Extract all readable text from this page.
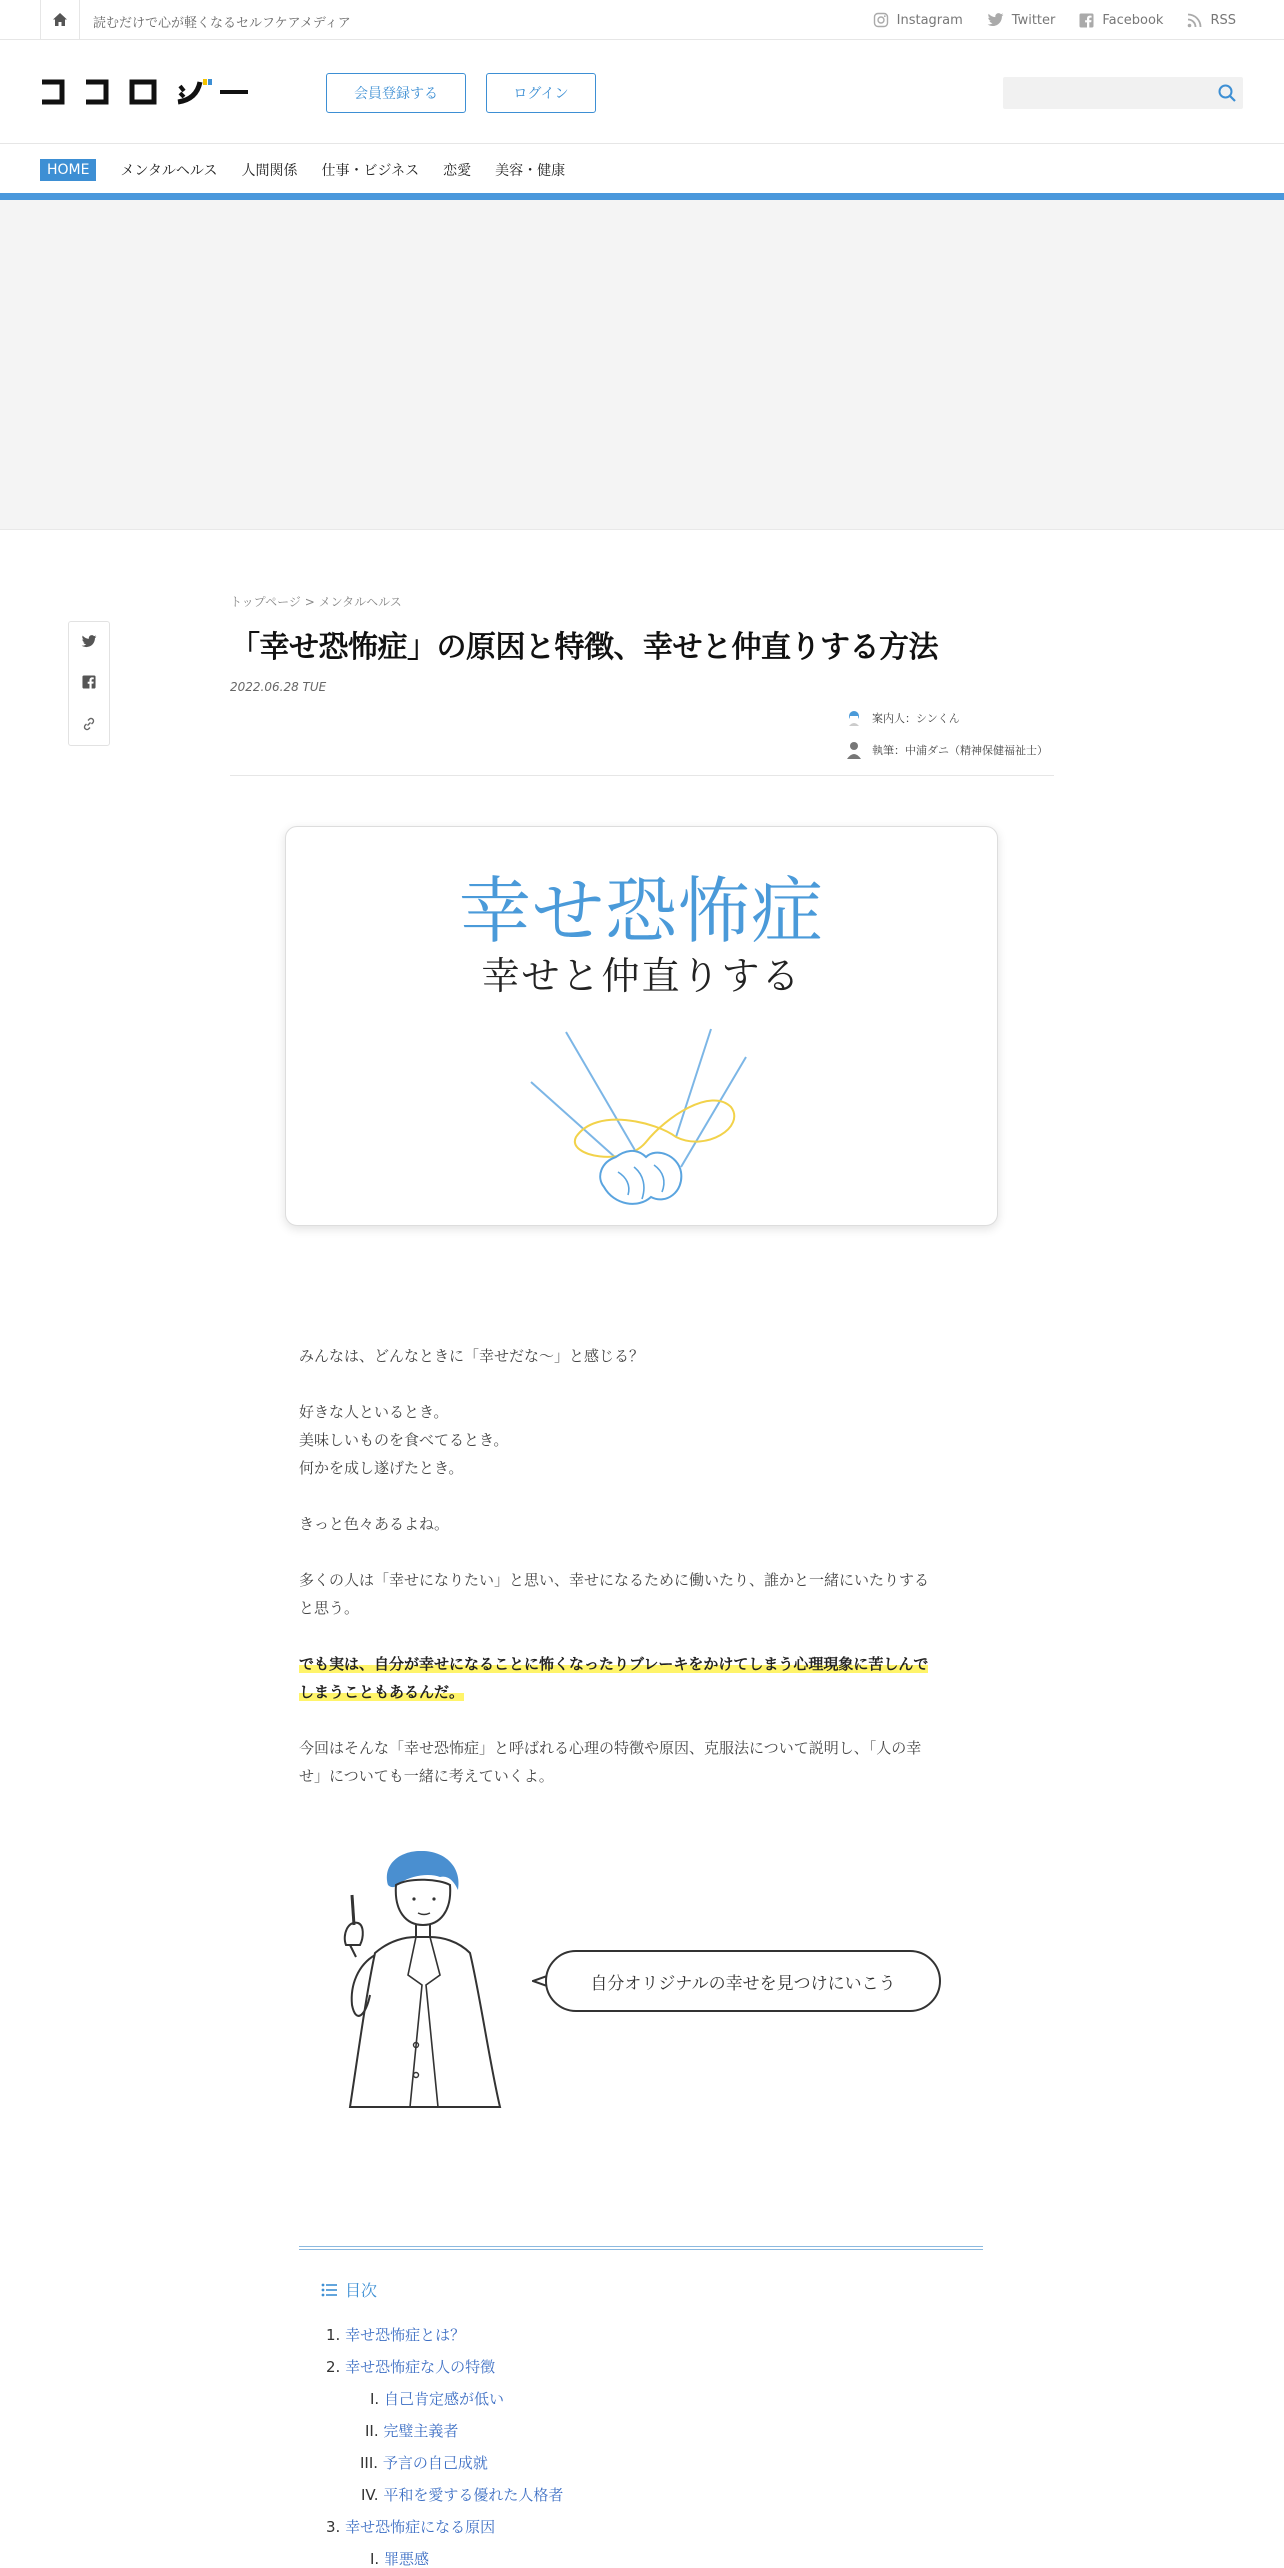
読むだけで心が軽くなるセルフケアメディア	Instagram	Twitter	Facebook	RSS
会員登録する	ログイン
HOME	メンタルヘルス 人間関係 仕事・ビジネス 恋愛 美容・健康
トップページ > メンタルヘルス
「幸せ恐怖症」の原因と特徴、幸せと仲直りする方法
2022.06.28 TUE
案内人：シンくん
執筆：中浦ダニ（精神保健福祉士）
幸せ恐怖症
幸せと仲直りする

みんなは、どんなときに「幸せだな〜」と感じる？

好きな人といるとき。

美味しいものを食べてるとき。

何かを成し遂げたとき。

きっと色々あるよね。

多くの人は「幸せになりたい」と思い、幸せになるために働いたり、誰かと一緒にいたりする

と思う。

でも実は、自分が幸せになることに怖くなったりブレーキをかけてしまう心理現象に苦しんで

しまうこともあるんだ。

今回はそんな「幸せ恐怖症」と呼ばれる心理の特徴や原因、克服法について説明し、「人の幸

せ」についても一緒に考えていくよ。

自分オリジナルの幸せを見つけにいこう
目次
1. 幸せ恐怖症とは？
2. 幸せ恐怖症な人の特徴
I. 自己肯定感が低い
II. 完璧主義者
III. 予言の自己成就
IV. 平和を愛する優れた人格者
3. 幸せ恐怖症になる原因
I. 罪悪感
